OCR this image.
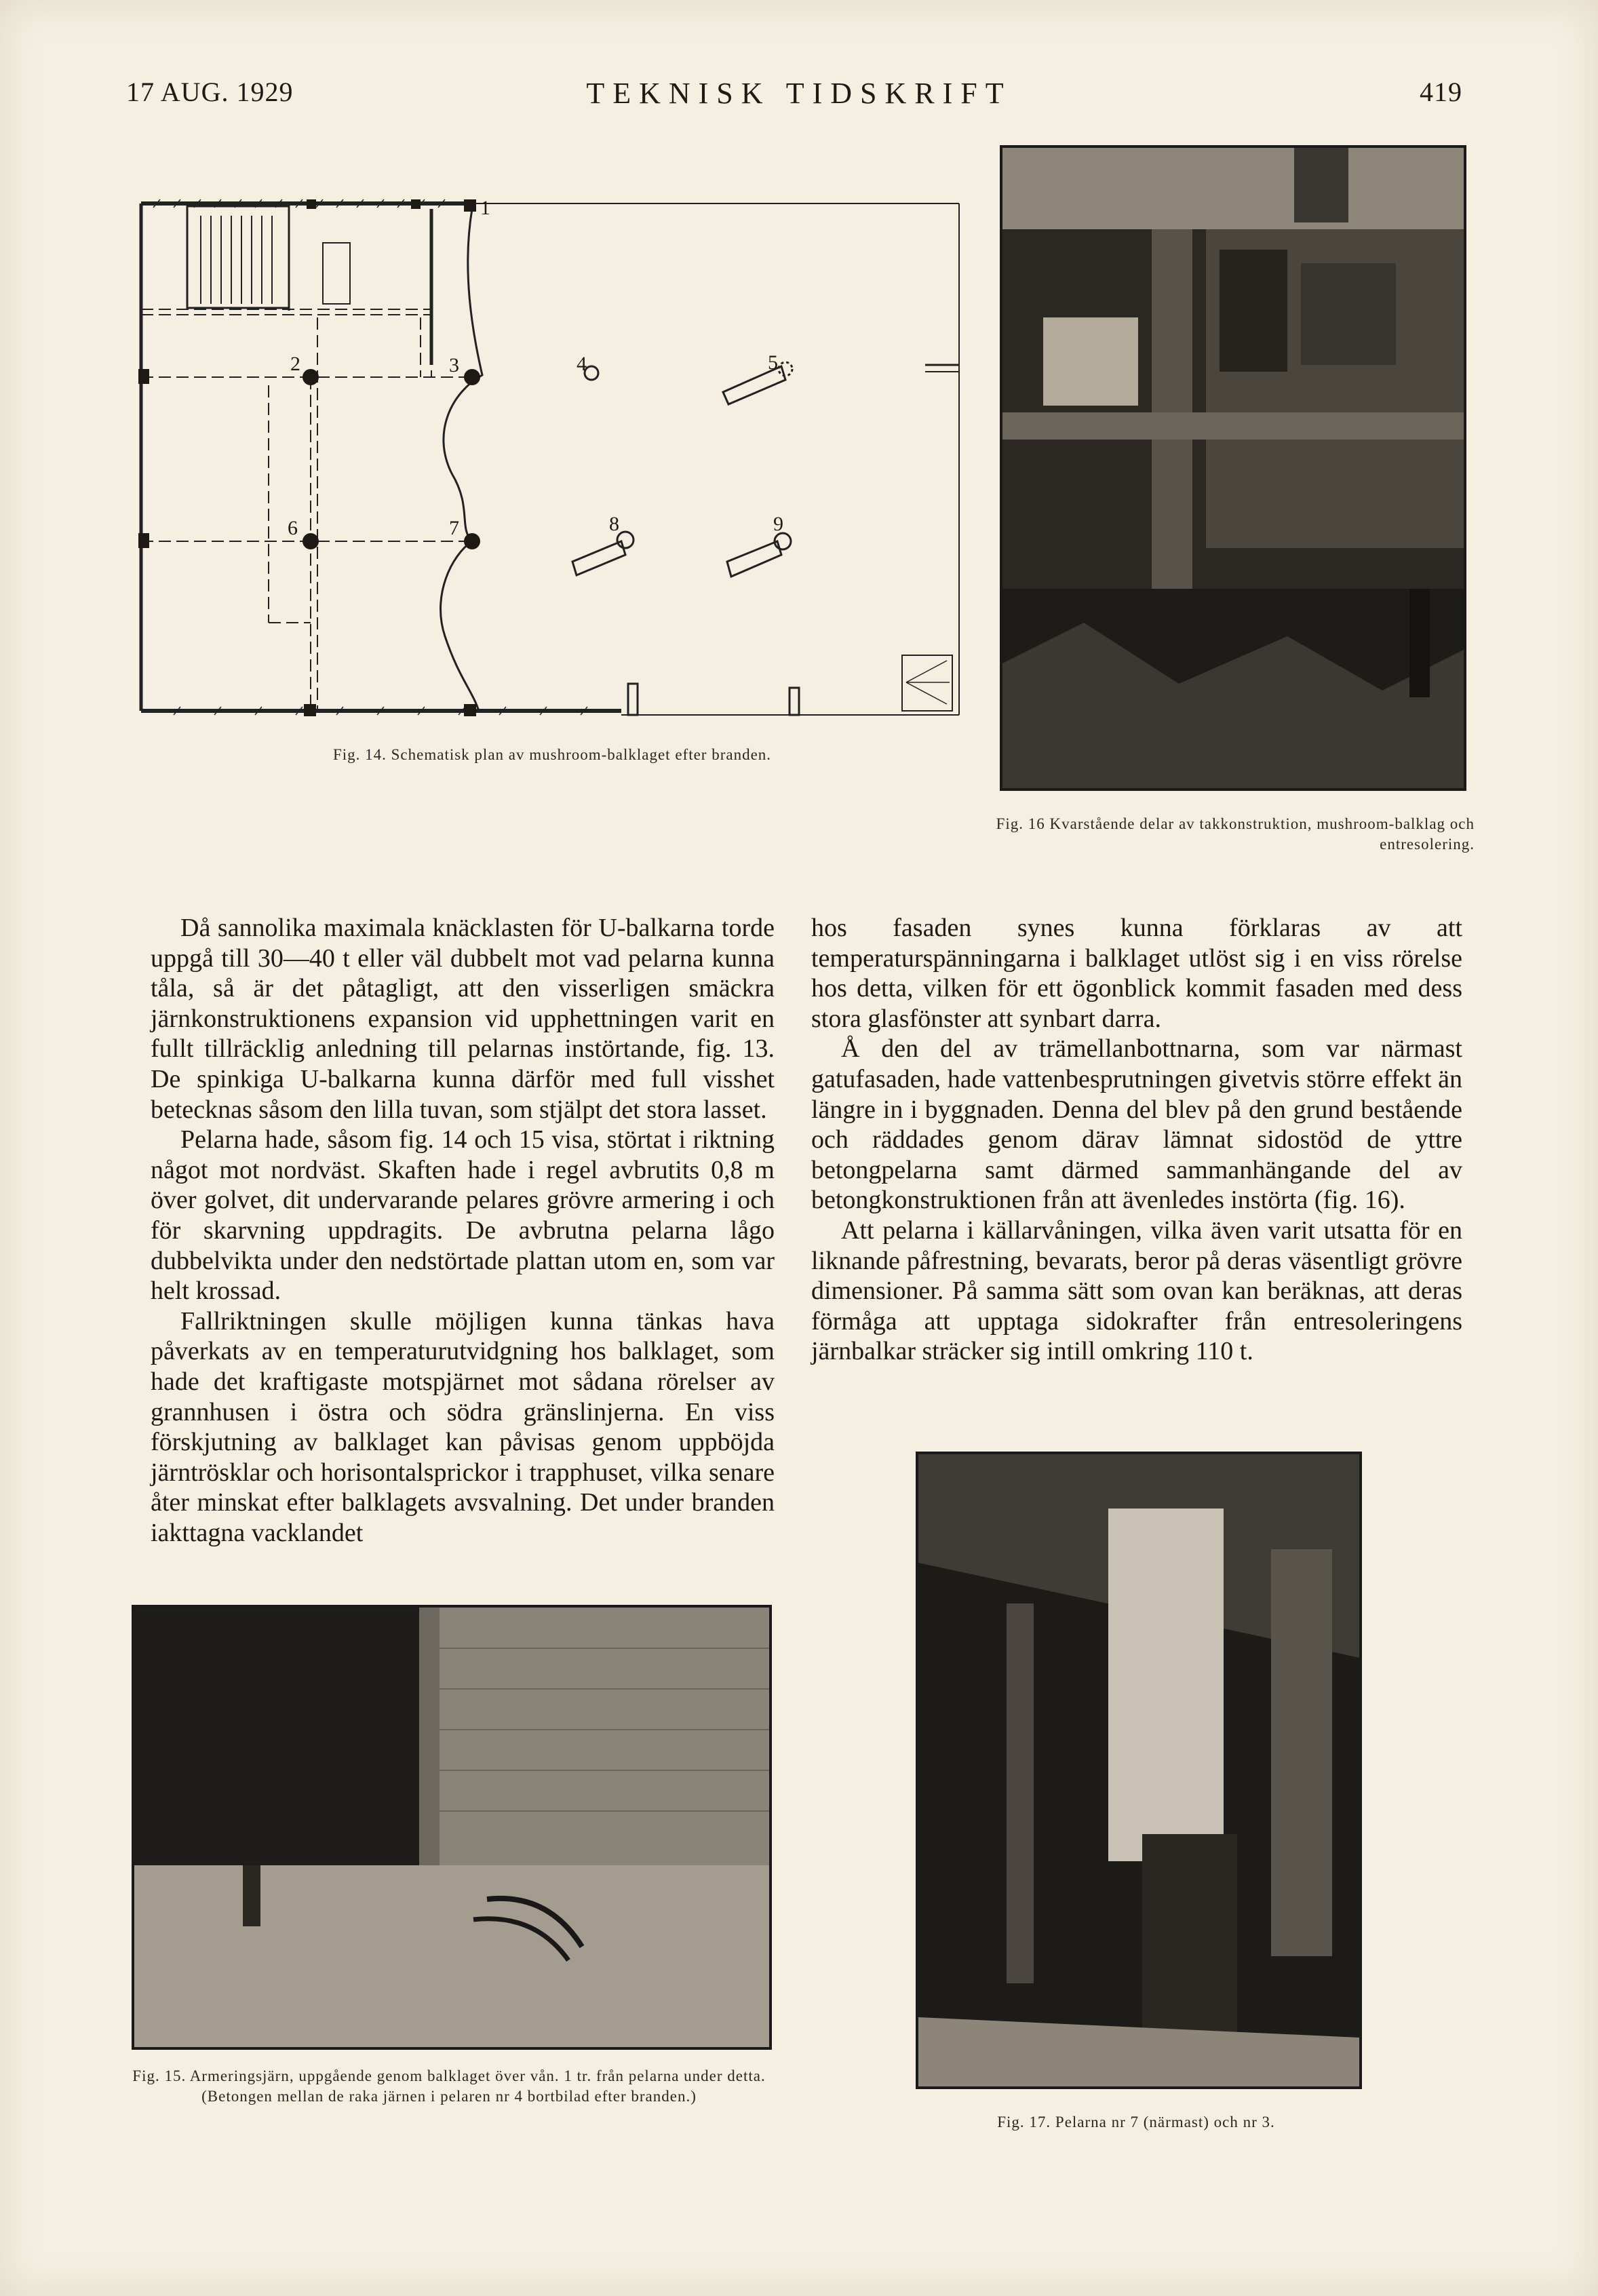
17 AUG. 1929	TEKNISK TIDSKRIFT	419
1
2	3	4	5
6	7	8	9
Fig. 14. Schematisk plan av mushroom-balklaget efter branden.
Fig. 16 Kvarstående delar av takkonstruktion, mushroom-balklag och entresolering.

Då sannolika maximala knäcklasten för U-balkarna torde uppgå till 30—40 t eller väl dubbelt mot vad pelarna kunna tåla, så är det påtagligt, att den visserligen smäckra järnkonstruktionens expansion vid upphettningen varit en fullt tillräcklig anledning till pelarnas instörtande, fig. 13. De spinkiga U-balkarna kunna därför med full visshet betecknas såsom den lilla tuvan, som stjälpt det stora lasset.

Pelarna hade, såsom fig. 14 och 15 visa, störtat i riktning något mot nordväst. Skaften hade i regel avbrutits 0,8 m över golvet, dit undervarande pelares grövre armering i och för skarvning uppdragits. De avbrutna pelarna lågo dubbelvikta under den nedstörtade plattan utom en, som var helt krossad.

Fallriktningen skulle möjligen kunna tänkas hava påverkats av en temperaturutvidgning hos balklaget, som hade det kraftigaste motspjärnet mot sådana rörelser av grannhusen i östra och södra gränslinjerna. En viss förskjutning av balklaget kan påvisas genom uppböjda järntrösklar och horisontalsprickor i trapphuset, vilka senare åter minskat efter balklagets avsvalning. Det under branden iakttagna vacklandet

hos fasaden synes kunna förklaras av att temperaturspänningarna i balklaget utlöst sig i en viss rörelse hos detta, vilken för ett ögonblick kommit fasaden med dess stora glasfönster att synbart darra.

Å den del av trämellanbottnarna, som var närmast gatufasaden, hade vattenbesprutningen givetvis större effekt än längre in i byggnaden. Denna del blev på den grund bestående och räddades genom därav lämnat sidostöd de yttre betongpelarna samt därmed sammanhängande del av betongkonstruktionen från att ävenledes instörta (fig. 16).

Att pelarna i källarvåningen, vilka även varit utsatta för en liknande påfrestning, bevarats, beror på deras väsentligt grövre dimensioner. På samma sätt som ovan kan beräknas, att deras förmåga att upptaga sidokrafter från entresoleringens järnbalkar sträcker sig intill omkring 110 t.

Fig. 15. Armeringsjärn, uppgående genom balklaget över vån. 1 tr. från pelarna under detta. (Betongen mellan de raka järnen i pelaren nr 4 bortbilad efter branden.)
Fig. 17. Pelarna nr 7 (närmast) och nr 3.
